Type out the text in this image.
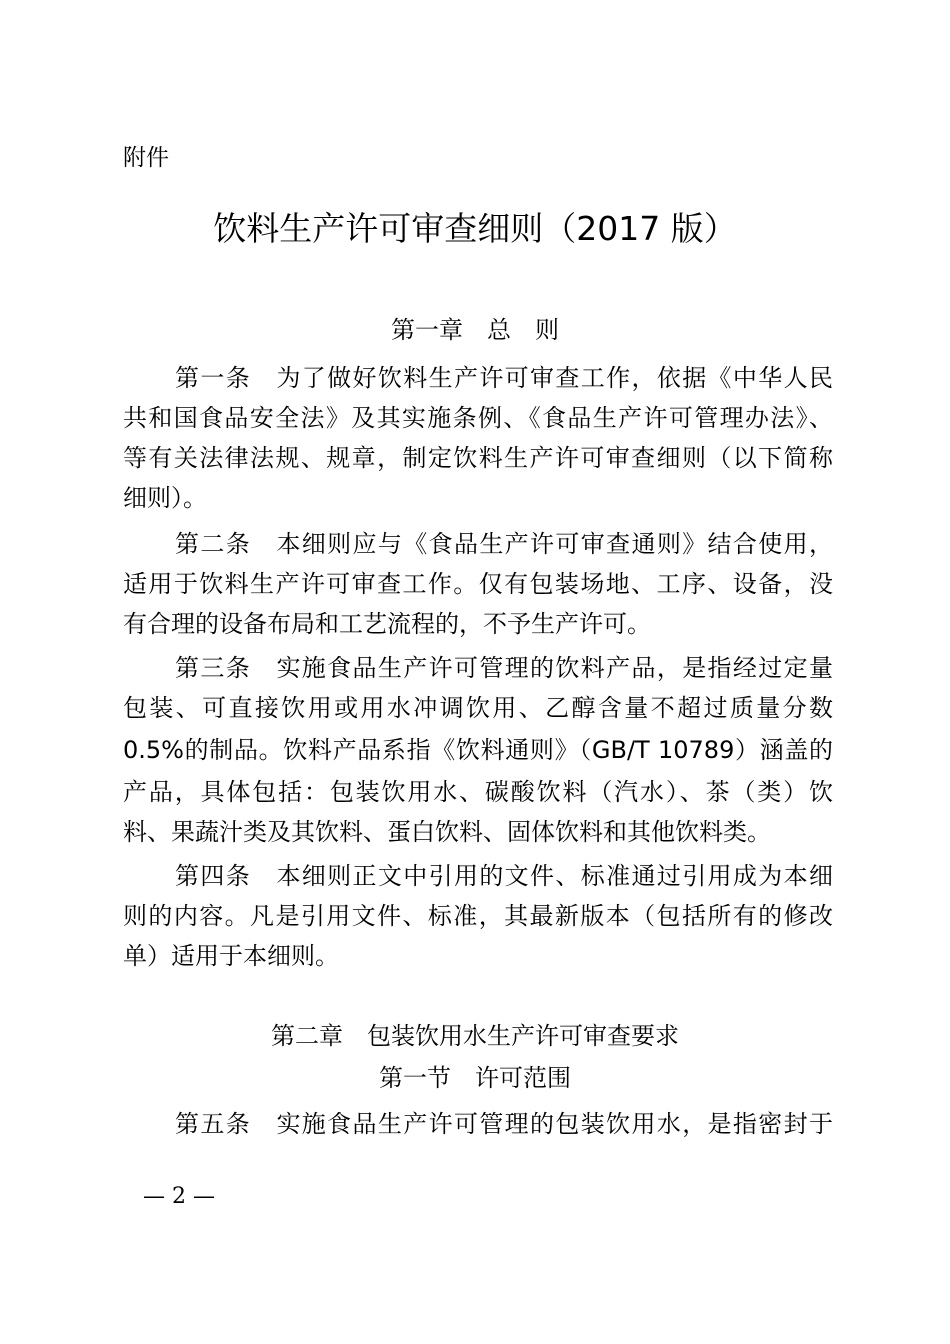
附件
饮料生产许可审查细则（2017 版）
第一章　总　则
第一条　为了做好饮料生产许可审查工作，依据《中华人民
共和国食品安全法》及其实施条例、《食品生产许可管理办法》、
等有关法律法规、规章，制定饮料生产许可审查细则（以下简称
细则）。
第二条　本细则应与《食品生产许可审查通则》结合使用，
适用于饮料生产许可审查工作。仅有包装场地、工序、设备，没
有合理的设备布局和工艺流程的，不予生产许可。
第三条　实施食品生产许可管理的饮料产品，是指经过定量
包装、可直接饮用或用水冲调饮用、乙醇含量不超过质量分数
0.5%的制品。饮料产品系指《饮料通则》（GB/T 10789）涵盖的
产品，具体包括：包装饮用水、碳酸饮料（汽水）、茶（类）饮
料、果蔬汁类及其饮料、蛋白饮料、固体饮料和其他饮料类。
第四条　本细则正文中引用的文件、标准通过引用成为本细
则的内容。凡是引用文件、标准，其最新版本（包括所有的修改
单）适用于本细则。
第二章　包装饮用水生产许可审查要求
第一节　许可范围
第五条　实施食品生产许可管理的包装饮用水，是指密封于
— 2 —
